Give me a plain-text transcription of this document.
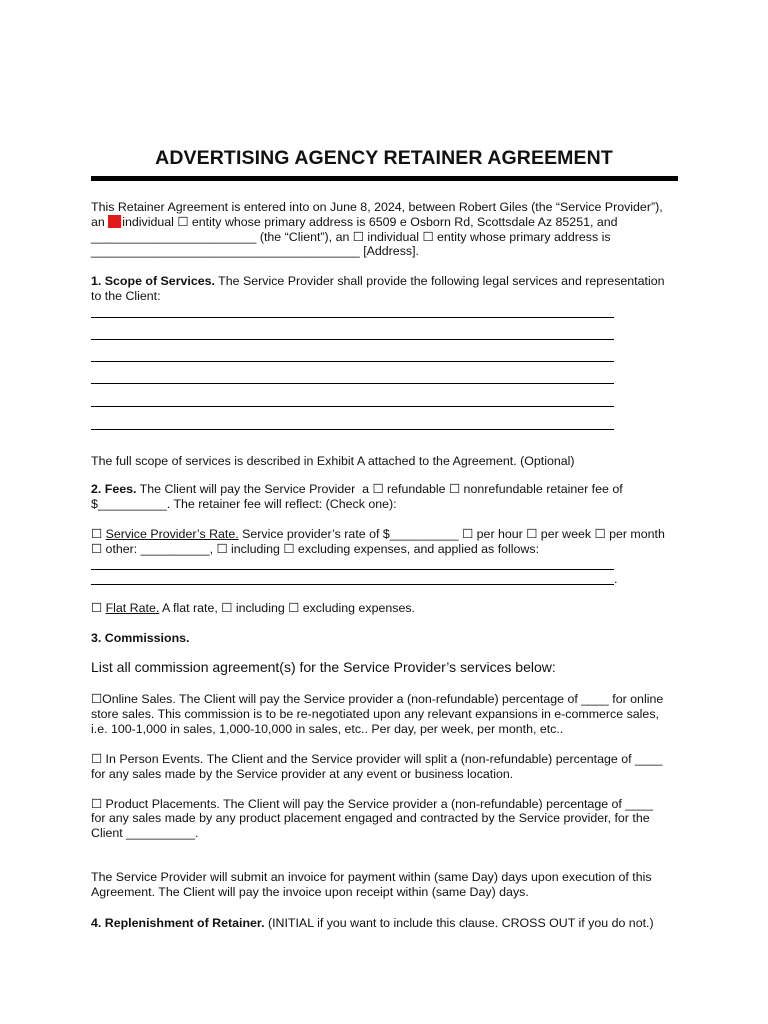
ADVERTISING AGENCY RETAINER AGREEMENT
This Retainer Agreement is entered into on June 8, 2024, between Robert Giles (the “Service Provider”),
an individual ☐ entity whose primary address is 6509 e Osborn Rd, Scottsdale Az 85251, and
________________________ (the “Client”), an ☐ individual ☐ entity whose primary address is
_______________________________________ [Address].
1. Scope of Services. The Service Provider shall provide the following legal services and representation
to the Client:
The full scope of services is described in Exhibit A attached to the Agreement. (Optional)
2. Fees. The Client will pay the Service Provider  a ☐ refundable ☐ nonrefundable retainer fee of
$__________. The retainer fee will reflect: (Check one):
☐ Service Provider’s Rate. Service provider’s rate of $__________ ☐ per hour ☐ per week ☐ per month
☐ other: __________, ☐ including ☐ excluding expenses, and applied as follows:
.
☐ Flat Rate. A flat rate, ☐ including ☐ excluding expenses.
3. Commissions.
List all commission agreement(s) for the Service Provider’s services below:
☐Online Sales. The Client will pay the Service provider a (non-refundable) percentage of ____ for online
store sales. This commission is to be re-negotiated upon any relevant expansions in e-commerce sales,
i.e. 100-1,000 in sales, 1,000-10,000 in sales, etc.. Per day, per week, per month, etc..
☐ In Person Events. The Client and the Service provider will split a (non-refundable) percentage of ____
for any sales made by the Service provider at any event or business location.
☐ Product Placements. The Client will pay the Service provider a (non-refundable) percentage of ____
for any sales made by any product placement engaged and contracted by the Service provider, for the
Client __________.
The Service Provider will submit an invoice for payment within (same Day) days upon execution of this
Agreement. The Client will pay the invoice upon receipt within (same Day) days.
4. Replenishment of Retainer. (INITIAL if you want to include this clause. CROSS OUT if you do not.)
